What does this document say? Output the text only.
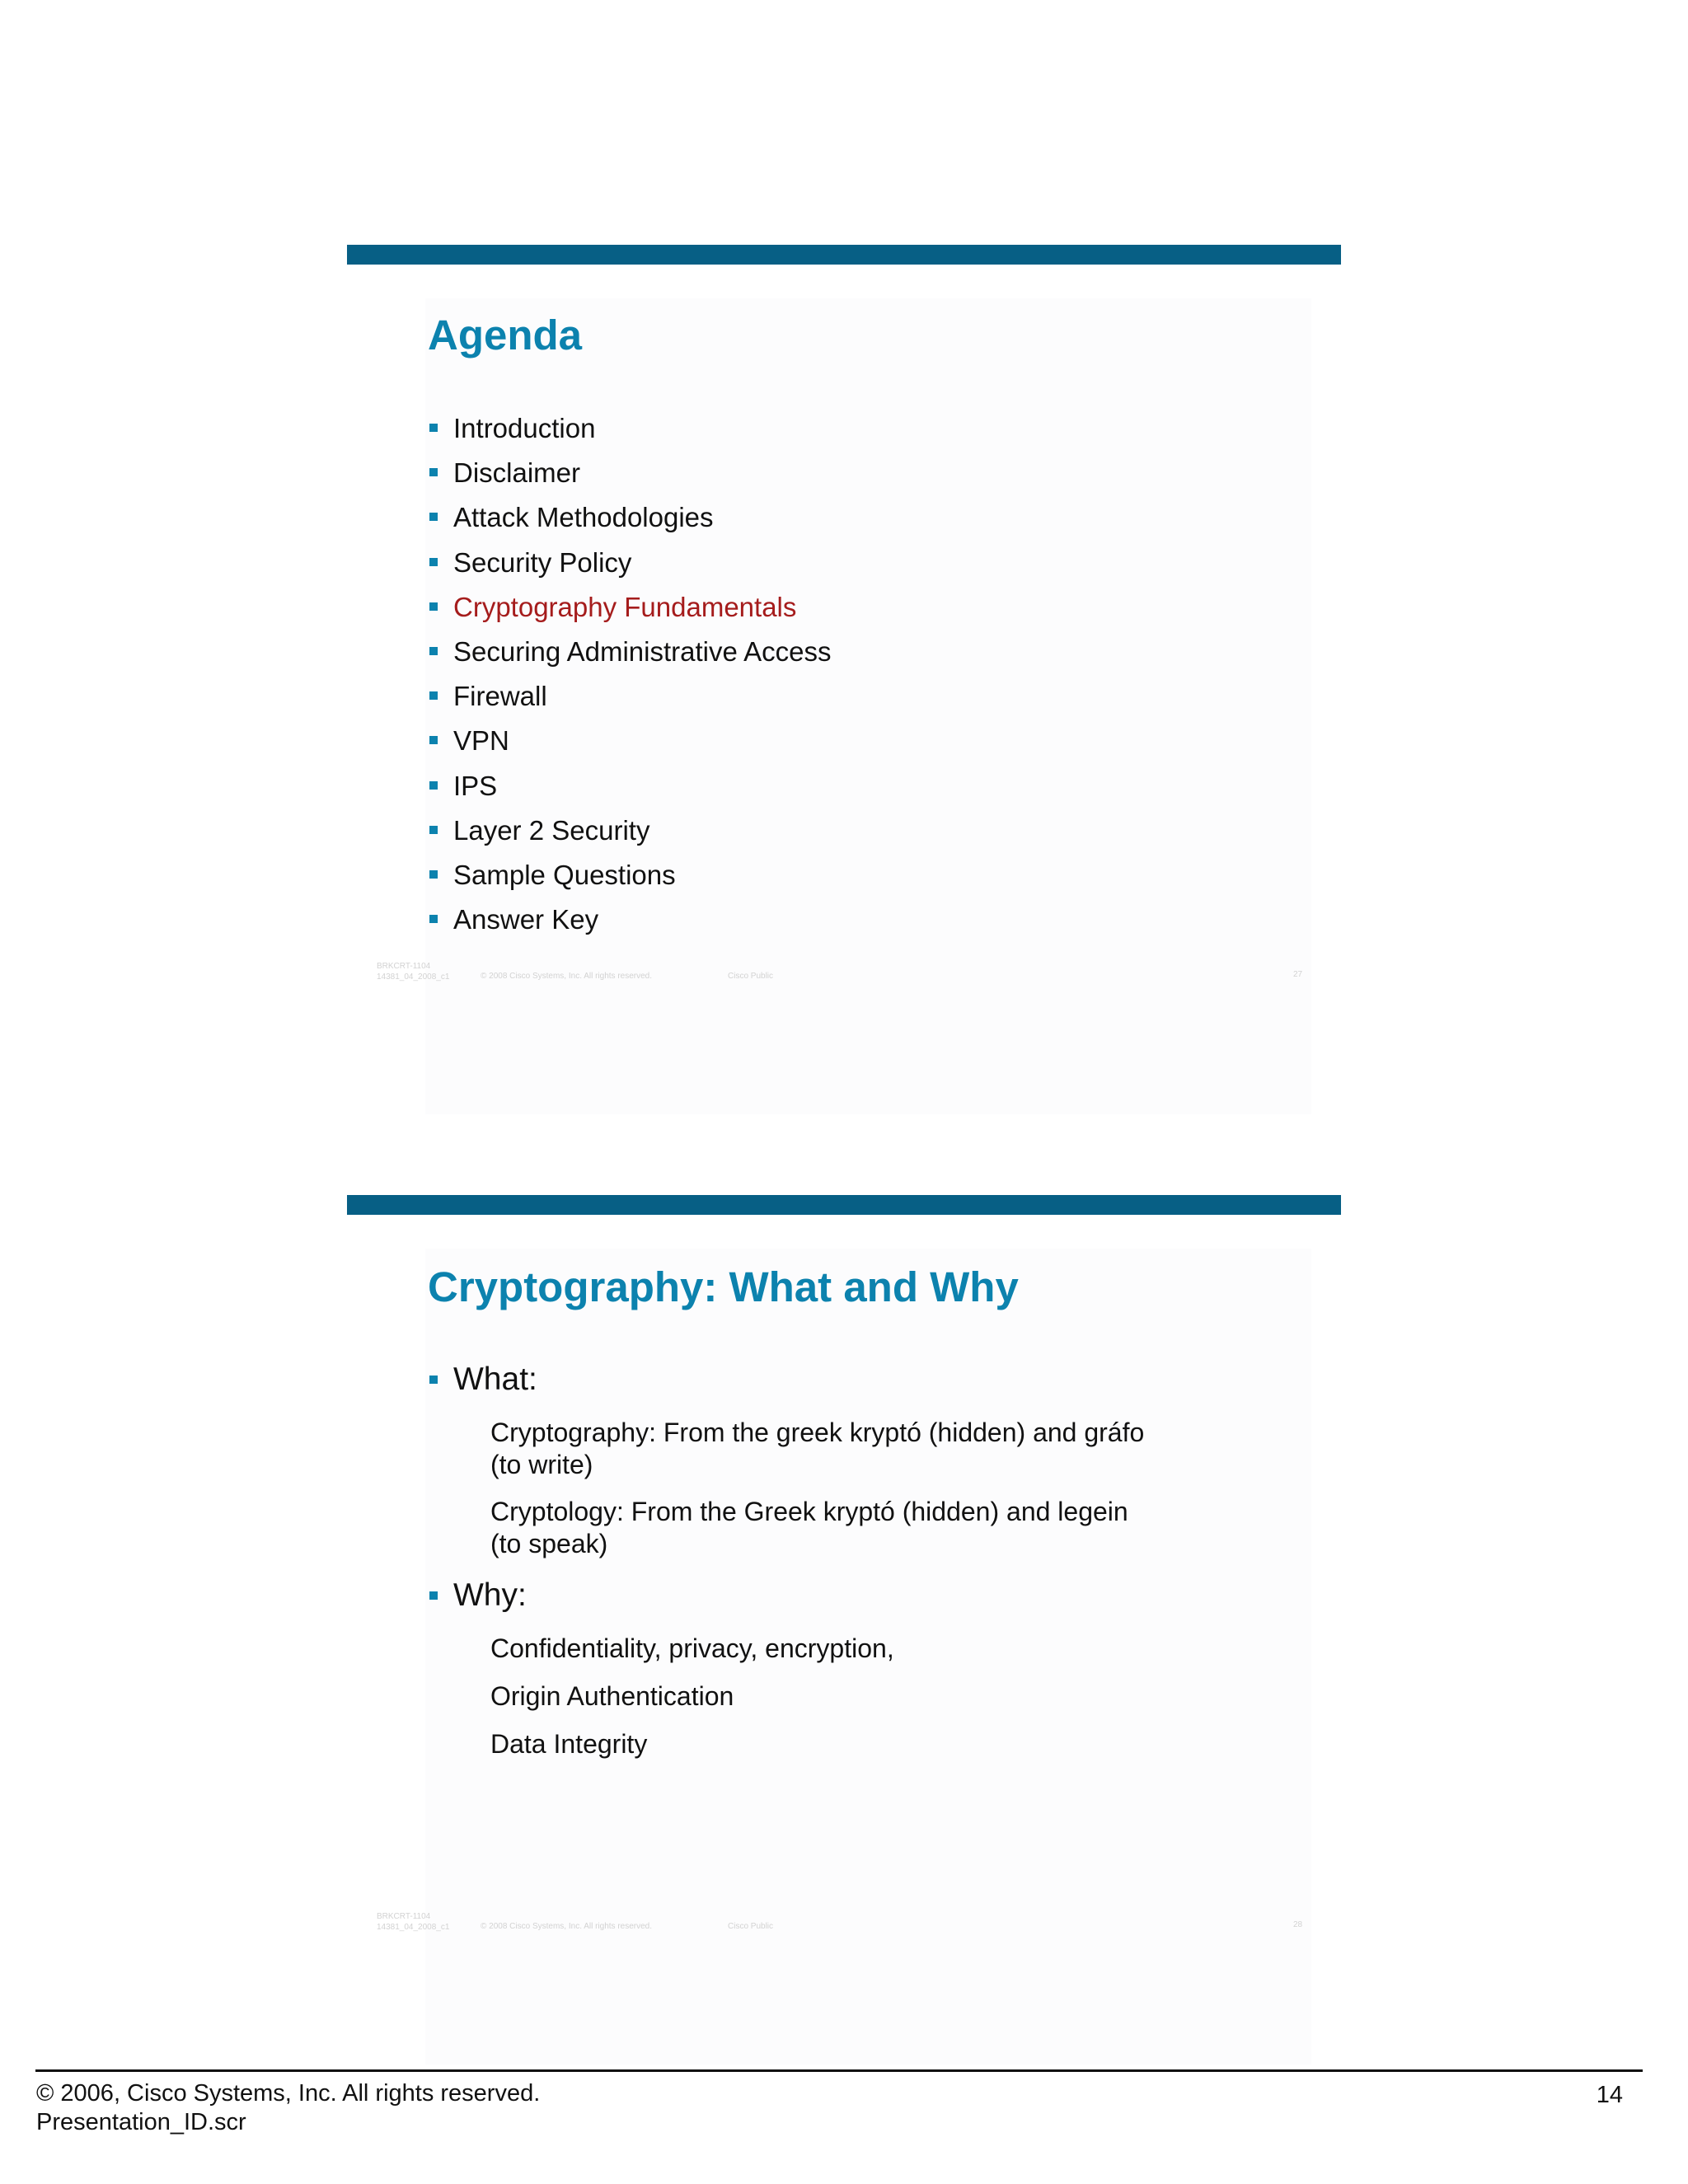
Agenda
Introduction
Disclaimer
Attack Methodologies
Security Policy
Cryptography Fundamentals
Securing Administrative Access
Firewall
VPN
IPS
Layer 2 Security
Sample Questions
Answer Key
BRKCRT-1104
14381_04_2008_c1	© 2008 Cisco Systems, Inc. All rights reserved.	Cisco Public	27
Cryptography: What and Why
What:
Cryptography: From the greek kryptó (hidden) and gráfo
(to write)
Cryptology: From the Greek kryptó (hidden) and legein
(to speak)
Why:
Confidentiality, privacy, encryption,
Origin Authentication
Data Integrity
BRKCRT-1104
14381_04_2008_c1	© 2008 Cisco Systems, Inc. All rights reserved.	Cisco Public	28
© 2006, Cisco Systems, Inc. All rights reserved.
Presentation_ID.scr
14
